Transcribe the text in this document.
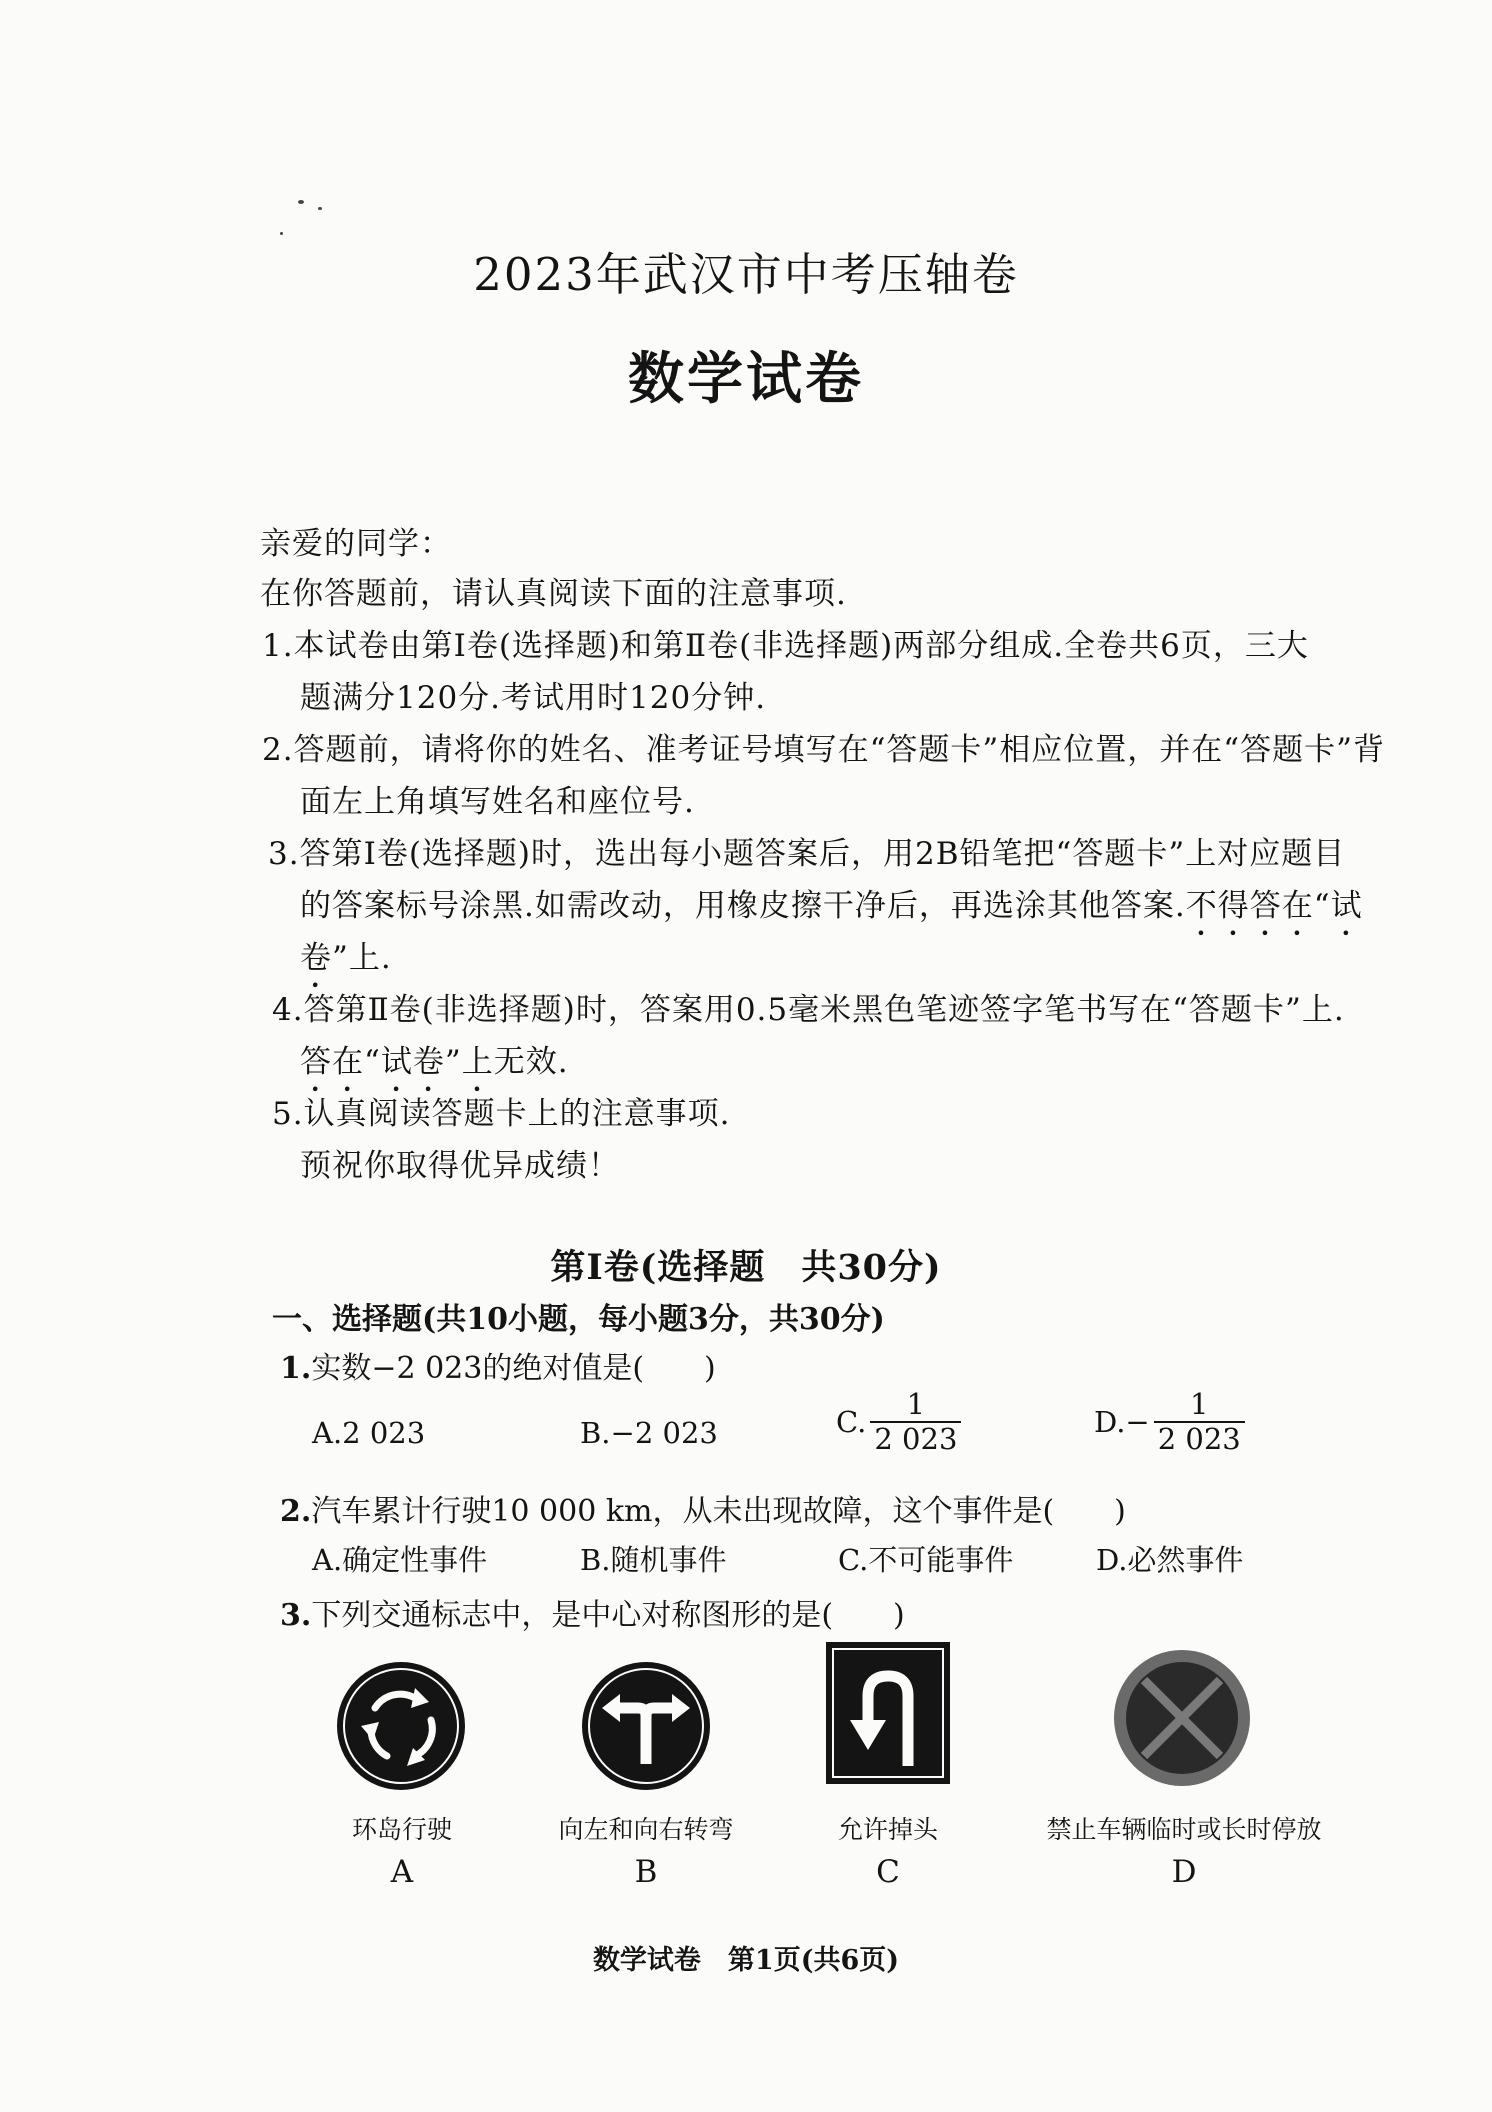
2023年武汉市中考压轴卷
数学试卷
亲爱的同学：
在你答题前，请认真阅读下面的注意事项.
1.本试卷由第Ⅰ卷(选择题)和第Ⅱ卷(非选择题)两部分组成.全卷共6页，三大
题满分120分.考试用时120分钟.
2.答题前，请将你的姓名、准考证号填写在“答题卡”相应位置，并在“答题卡”背
面左上角填写姓名和座位号.
3.答第Ⅰ卷(选择题)时，选出每小题答案后，用2B铅笔把“答题卡”上对应题目
的答案标号涂黑.如需改动，用橡皮擦干净后，再选涂其他答案.不得答在“试
卷”上.
4.答第Ⅱ卷(非选择题)时，答案用0.5毫米黑色笔迹签字笔书写在“答题卡”上.
答在“试卷”上无效.
5.认真阅读答题卡上的注意事项.
预祝你取得优异成绩！
第Ⅰ卷(选择题　共30分)
一、选择题(共10小题，每小题3分，共30分)
1.实数−2 023的绝对值是(　　)
A.2 023	B.−2 023	C. $\frac{1}{2 023}$	$D.- \frac{1}{2 023}$
2.汽车累计行驶10 000 km，从未出现故障，这个事件是(　　)
A.确定性事件	B.随机事件	C.不可能事件	D.必然事件
3.下列交通标志中，是中心对称图形的是(　　)
环岛行驶
A
向左和向右转弯
B
允许掉头
C
禁止车辆临时或长时停放
D
数学试卷　第1页(共6页)
